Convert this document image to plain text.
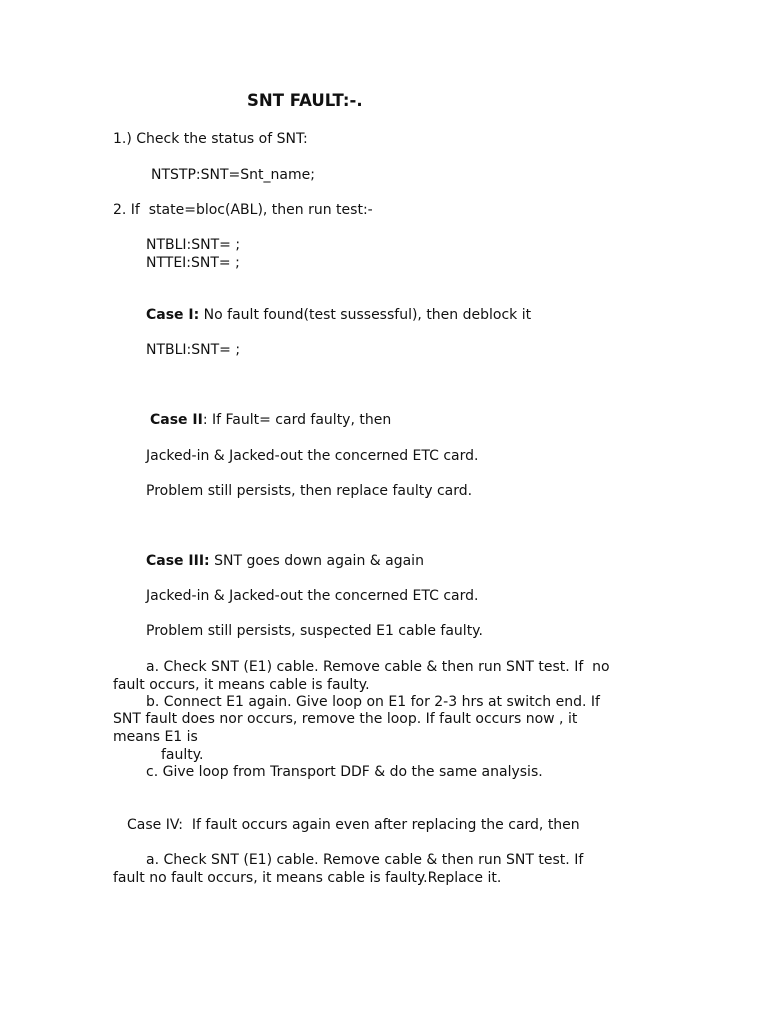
SNT FAULT:-.
1.) Check the status of SNT:
NTSTP:SNT=Snt_name;
2. If  state=bloc(ABL), then run test:-
NTBLI:SNT= ;
NTTEI:SNT= ;
Case I: No fault found(test sussessful), then deblock it
NTBLI:SNT= ;
Case II: If Fault= card faulty, then
Jacked-in & Jacked-out the concerned ETC card.
Problem still persists, then replace faulty card.
Case III: SNT goes down again & again
Jacked-in & Jacked-out the concerned ETC card.
Problem still persists, suspected E1 cable faulty.
a. Check SNT (E1) cable. Remove cable & then run SNT test. If  no
fault occurs, it means cable is faulty.
b. Connect E1 again. Give loop on E1 for 2-3 hrs at switch end. If
SNT fault does nor occurs, remove the loop. If fault occurs now , it
means E1 is
faulty.
c. Give loop from Transport DDF & do the same analysis.
Case IV:  If fault occurs again even after replacing the card, then
a. Check SNT (E1) cable. Remove cable & then run SNT test. If
fault no fault occurs, it means cable is faulty.Replace it.
